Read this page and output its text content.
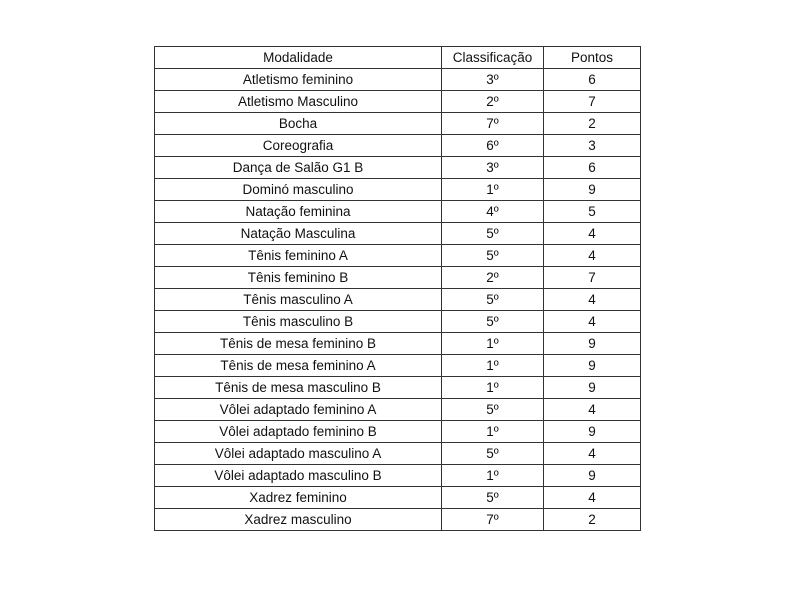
Modalidade	Classificação	Pontos
Atletismo feminino	3º	6
Atletismo Masculino	2º	7
Bocha	7º	2
Coreografia	6º	3
Dança de Salão G1 B	3º	6
Dominó masculino	1º	9
Natação feminina	4º	5
Natação Masculina	5º	4
Tênis feminino A	5º	4
Tênis feminino B	2º	7
Tênis masculino A	5º	4
Tênis masculino B	5º	4
Tênis de mesa feminino B	1º	9
Tênis de mesa feminino A	1º	9
Tênis de mesa masculino B	1º	9
Vôlei adaptado feminino A	5º	4
Vôlei adaptado feminino B	1º	9
Vôlei adaptado masculino A	5º	4
Vôlei adaptado masculino B	1º	9
Xadrez feminino	5º	4
Xadrez masculino	7º	2
